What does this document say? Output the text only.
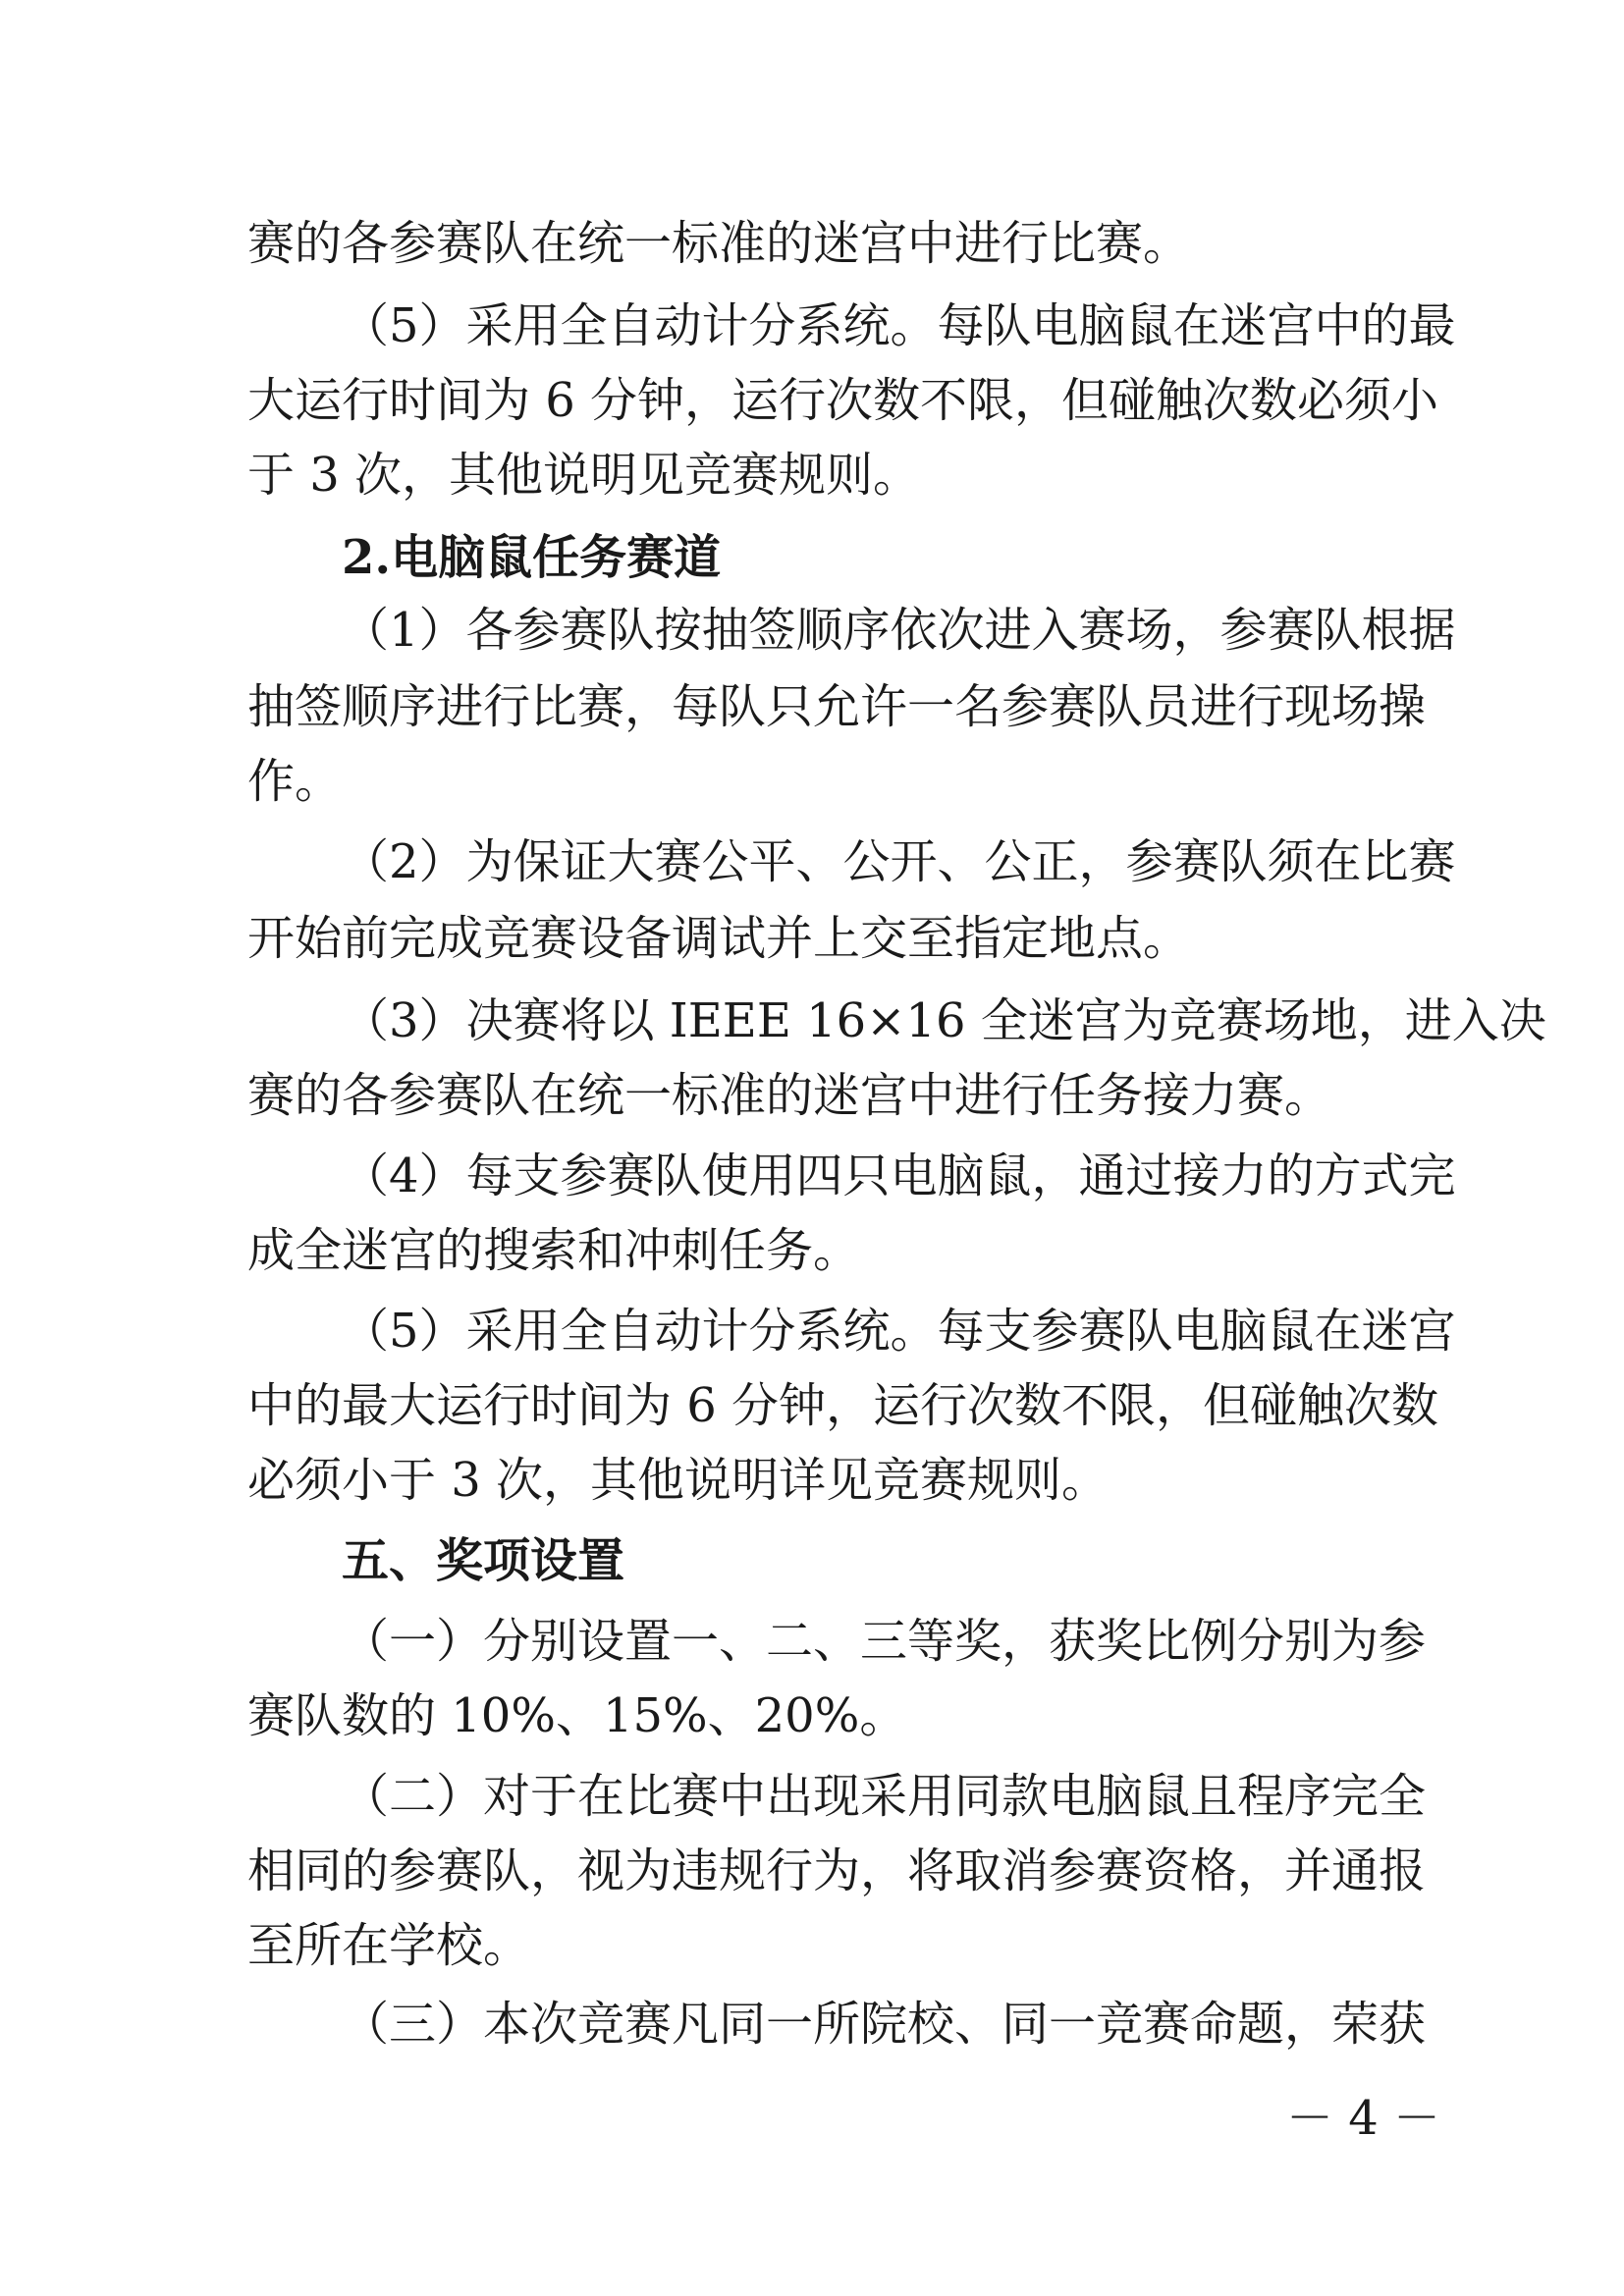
赛的各参赛队在统一标准的迷宫中进行比赛。
（5）采用全自动计分系统。每队电脑鼠在迷宫中的最
大运行时间为 6 分钟，运行次数不限，但碰触次数必须小
于 3 次，其他说明见竞赛规则。
2.电脑鼠任务赛道
（1）各参赛队按抽签顺序依次进入赛场，参赛队根据
抽签顺序进行比赛，每队只允许一名参赛队员进行现场操
作。
（2）为保证大赛公平、公开、公正，参赛队须在比赛
开始前完成竞赛设备调试并上交至指定地点。
（3）决赛将以 IEEE 16×16 全迷宫为竞赛场地，进入决
赛的各参赛队在统一标准的迷宫中进行任务接力赛。
（4）每支参赛队使用四只电脑鼠，通过接力的方式完
成全迷宫的搜索和冲刺任务。
（5）采用全自动计分系统。每支参赛队电脑鼠在迷宫
中的最大运行时间为 6 分钟，运行次数不限，但碰触次数
必须小于 3 次，其他说明详见竞赛规则。
五、奖项设置
（一）分别设置一、二、三等奖，获奖比例分别为参
赛队数的 10%、15%、20%。
（二）对于在比赛中出现采用同款电脑鼠且程序完全
相同的参赛队，视为违规行为，将取消参赛资格，并通报
至所在学校。
（三）本次竞赛凡同一所院校、同一竞赛命题，荣获
－ 4 －
